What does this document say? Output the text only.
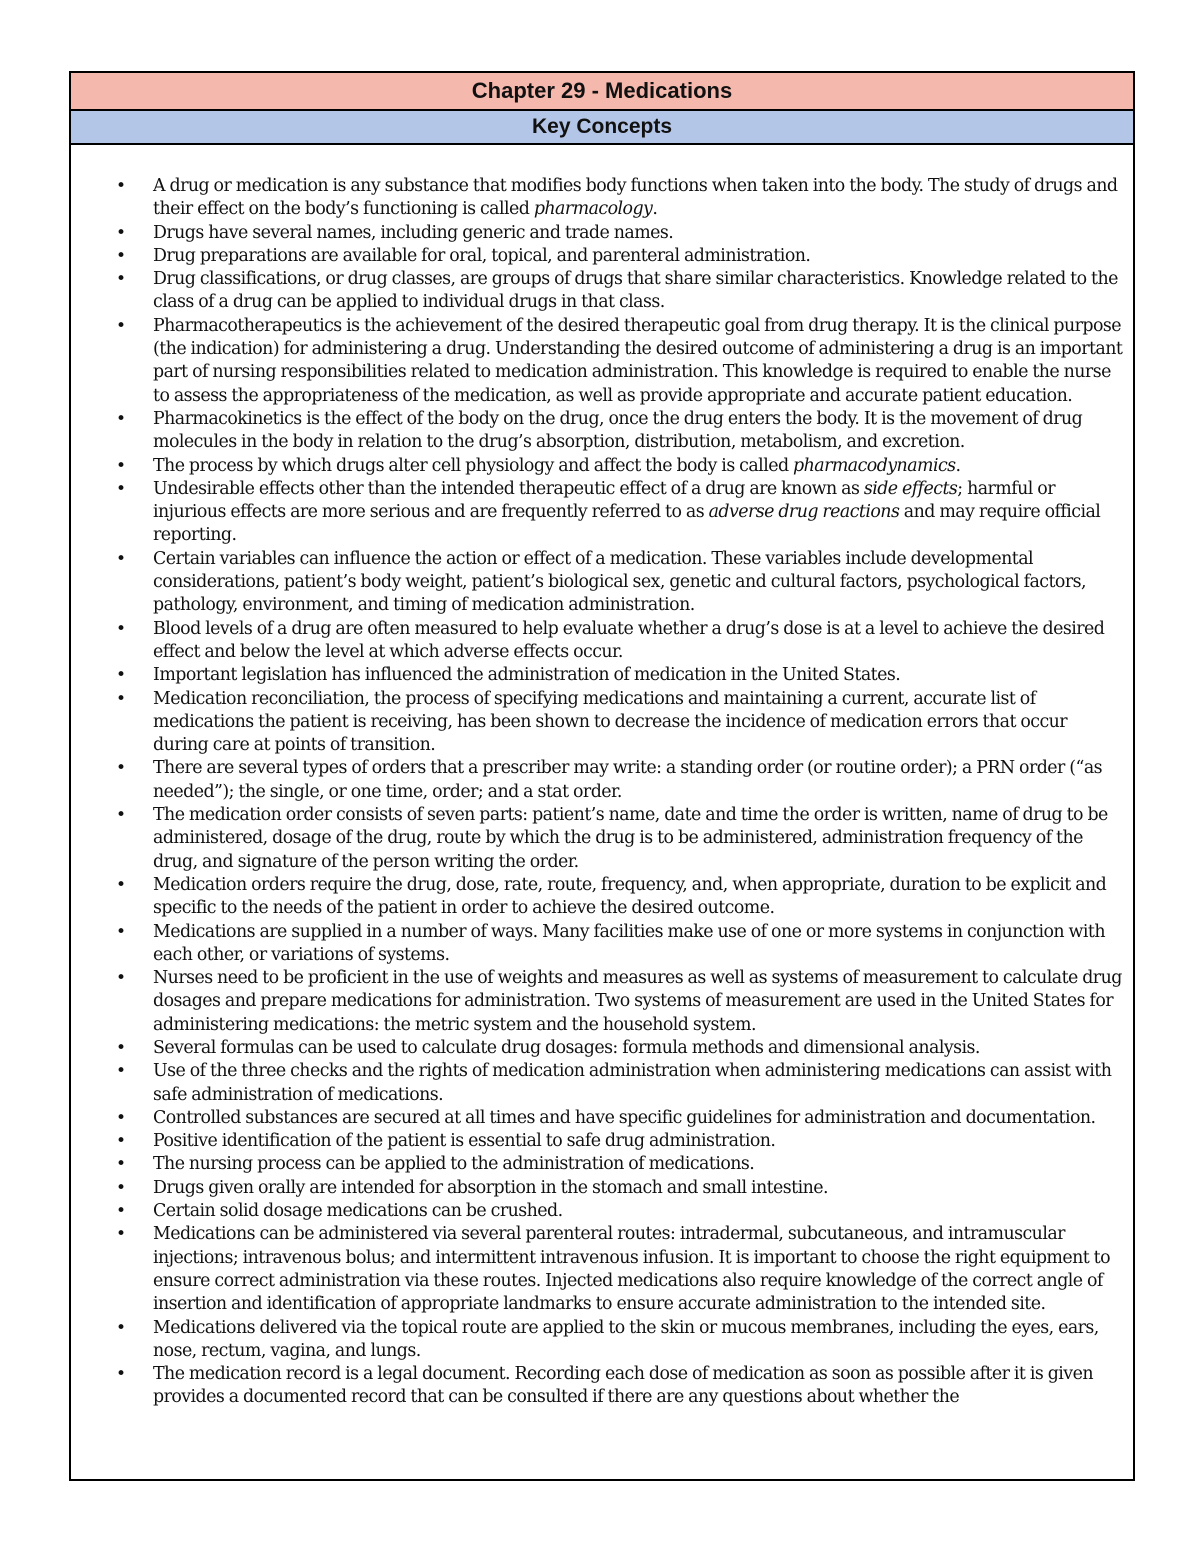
Chapter 29 - Medications
Key Concepts
• A drug or medication is any substance that modifies body functions when taken into the body. The study of drugs and their effect on the body’s functioning is called pharmacology.
• Drugs have several names, including generic and trade names.
• Drug preparations are available for oral, topical, and parenteral administration.
• Drug classifications, or drug classes, are groups of drugs that share similar characteristics. Knowledge related to the class of a drug can be applied to individual drugs in that class.
• Pharmacotherapeutics is the achievement of the desired therapeutic goal from drug therapy. It is the clinical purpose (the indication) for administering a drug. Understanding the desired outcome of administering a drug is an important part of nursing responsibilities related to medication administration. This knowledge is required to enable the nurse to assess the appropriateness of the medication, as well as provide appropriate and accurate patient education.
• Pharmacokinetics is the effect of the body on the drug, once the drug enters the body. It is the movement of drug molecules in the body in relation to the drug’s absorption, distribution, metabolism, and excretion.
• The process by which drugs alter cell physiology and affect the body is called pharmacodynamics.
• Undesirable effects other than the intended therapeutic effect of a drug are known as side effects; harmful or injurious effects are more serious and are frequently referred to as adverse drug reactions and may require official reporting.
• Certain variables can influence the action or effect of a medication. These variables include developmental considerations, patient’s body weight, patient’s biological sex, genetic and cultural factors, psychological factors, pathology, environment, and timing of medication administration.
• Blood levels of a drug are often measured to help evaluate whether a drug’s dose is at a level to achieve the desired effect and below the level at which adverse effects occur.
• Important legislation has influenced the administration of medication in the United States.
• Medication reconciliation, the process of specifying medications and maintaining a current, accurate list of medications the patient is receiving, has been shown to decrease the incidence of medication errors that occur during care at points of transition.
• There are several types of orders that a prescriber may write: a standing order (or routine order); a PRN order (“as needed”); the single, or one time, order; and a stat order.
• The medication order consists of seven parts: patient’s name, date and time the order is written, name of drug to be administered, dosage of the drug, route by which the drug is to be administered, administration frequency of the drug, and signature of the person writing the order.
• Medication orders require the drug, dose, rate, route, frequency, and, when appropriate, duration to be explicit and specific to the needs of the patient in order to achieve the desired outcome.
• Medications are supplied in a number of ways. Many facilities make use of one or more systems in conjunction with each other, or variations of systems.
• Nurses need to be proficient in the use of weights and measures as well as systems of measurement to calculate drug dosages and prepare medications for administration. Two systems of measurement are used in the United States for administering medications: the metric system and the household system.
• Several formulas can be used to calculate drug dosages: formula methods and dimensional analysis.
• Use of the three checks and the rights of medication administration when administering medications can assist with safe administration of medications.
• Controlled substances are secured at all times and have specific guidelines for administration and documentation.
• Positive identification of the patient is essential to safe drug administration.
• The nursing process can be applied to the administration of medications.
• Drugs given orally are intended for absorption in the stomach and small intestine.
• Certain solid dosage medications can be crushed.
• Medications can be administered via several parenteral routes: intradermal, subcutaneous, and intramuscular injections; intravenous bolus; and intermittent intravenous infusion. It is important to choose the right equipment to ensure correct administration via these routes. Injected medications also require knowledge of the correct angle of insertion and identification of appropriate landmarks to ensure accurate administration to the intended site.
• Medications delivered via the topical route are applied to the skin or mucous membranes, including the eyes, ears, nose, rectum, vagina, and lungs.
• The medication record is a legal document. Recording each dose of medication as soon as possible after it is given provides a documented record that can be consulted if there are any questions about whether the
